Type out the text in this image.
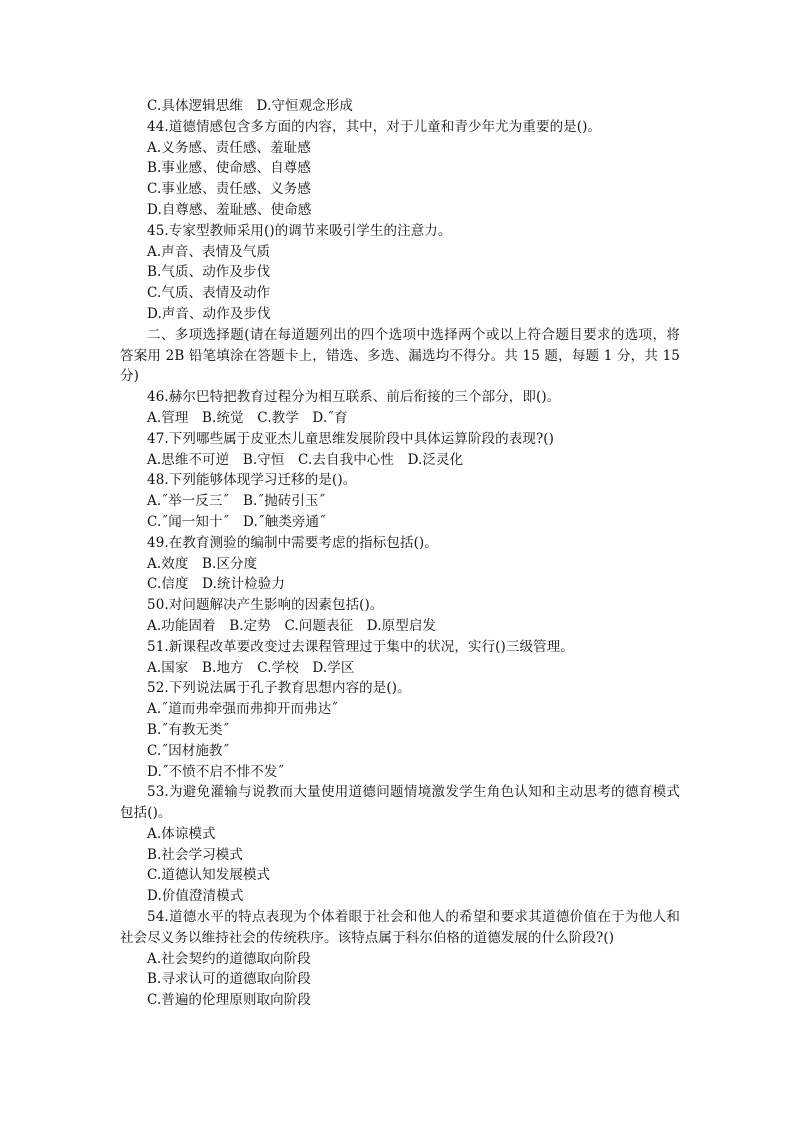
C.具体逻辑思维　D.守恒观念形成
44.道德情感包含多方面的内容，其中，对于儿童和青少年尤为重要的是()。
A.义务感、责任感、羞耻感
B.事业感、使命感、自尊感
C.事业感、责任感、义务感
D.自尊感、羞耻感、使命感
45.专家型教师采用()的调节来吸引学生的注意力。
A.声音、表情及气质
B.气质、动作及步伐
C.气质、表情及动作
D.声音、动作及步伐
二、多项选择题(请在每道题列出的四个选项中选择两个或以上符合题目要求的选项，将答案用 2B 铅笔填涂在答题卡上，错选、多选、漏选均不得分。共 15 题，每题 1 分，共 15分)
46.赫尔巴特把教育过程分为相互联系、前后衔接的三个部分，即()。
A.管理　B.统觉　C.教学　D.˝育
47.下列哪些属于皮亚杰儿童思维发展阶段中具体运算阶段的表现?()
A.思维不可逆　B.守恒　C.去自我中心性　D.泛灵化
48.下列能够体现学习迁移的是()。
A.˝举一反三˝　B.˝抛砖引玉˝
C.˝闻一知十˝　D.˝触类旁通˝
49.在教育测验的编制中需要考虑的指标包括()。
A.效度　B.区分度
C.信度　D.统计检验力
50.对问题解决产生影响的因素包括()。
A.功能固着　B.定势　C.问题表征　D.原型启发
51.新课程改革要改变过去课程管理过于集中的状况，实行()三级管理。
A.国家　B.地方　C.学校　D.学区
52.下列说法属于孔子教育思想内容的是()。
A.˝道而弗牵强而弗抑开而弗达˝
B.˝有教无类˝
C.˝因材施教˝
D.˝不愤不启不悱不发˝
53.为避免灌输与说教而大量使用道德问题情境激发学生角色认知和主动思考的德育模式包括()。
A.体谅模式
B.社会学习模式
C.道德认知发展模式
D.价值澄清模式
54.道德水平的特点表现为个体着眼于社会和他人的希望和要求其道德价值在于为他人和社会尽义务以维持社会的传统秩序。该特点属于科尔伯格的道德发展的什么阶段?()
A.社会契约的道德取向阶段
B.寻求认可的道德取向阶段
C.普遍的伦理原则取向阶段
